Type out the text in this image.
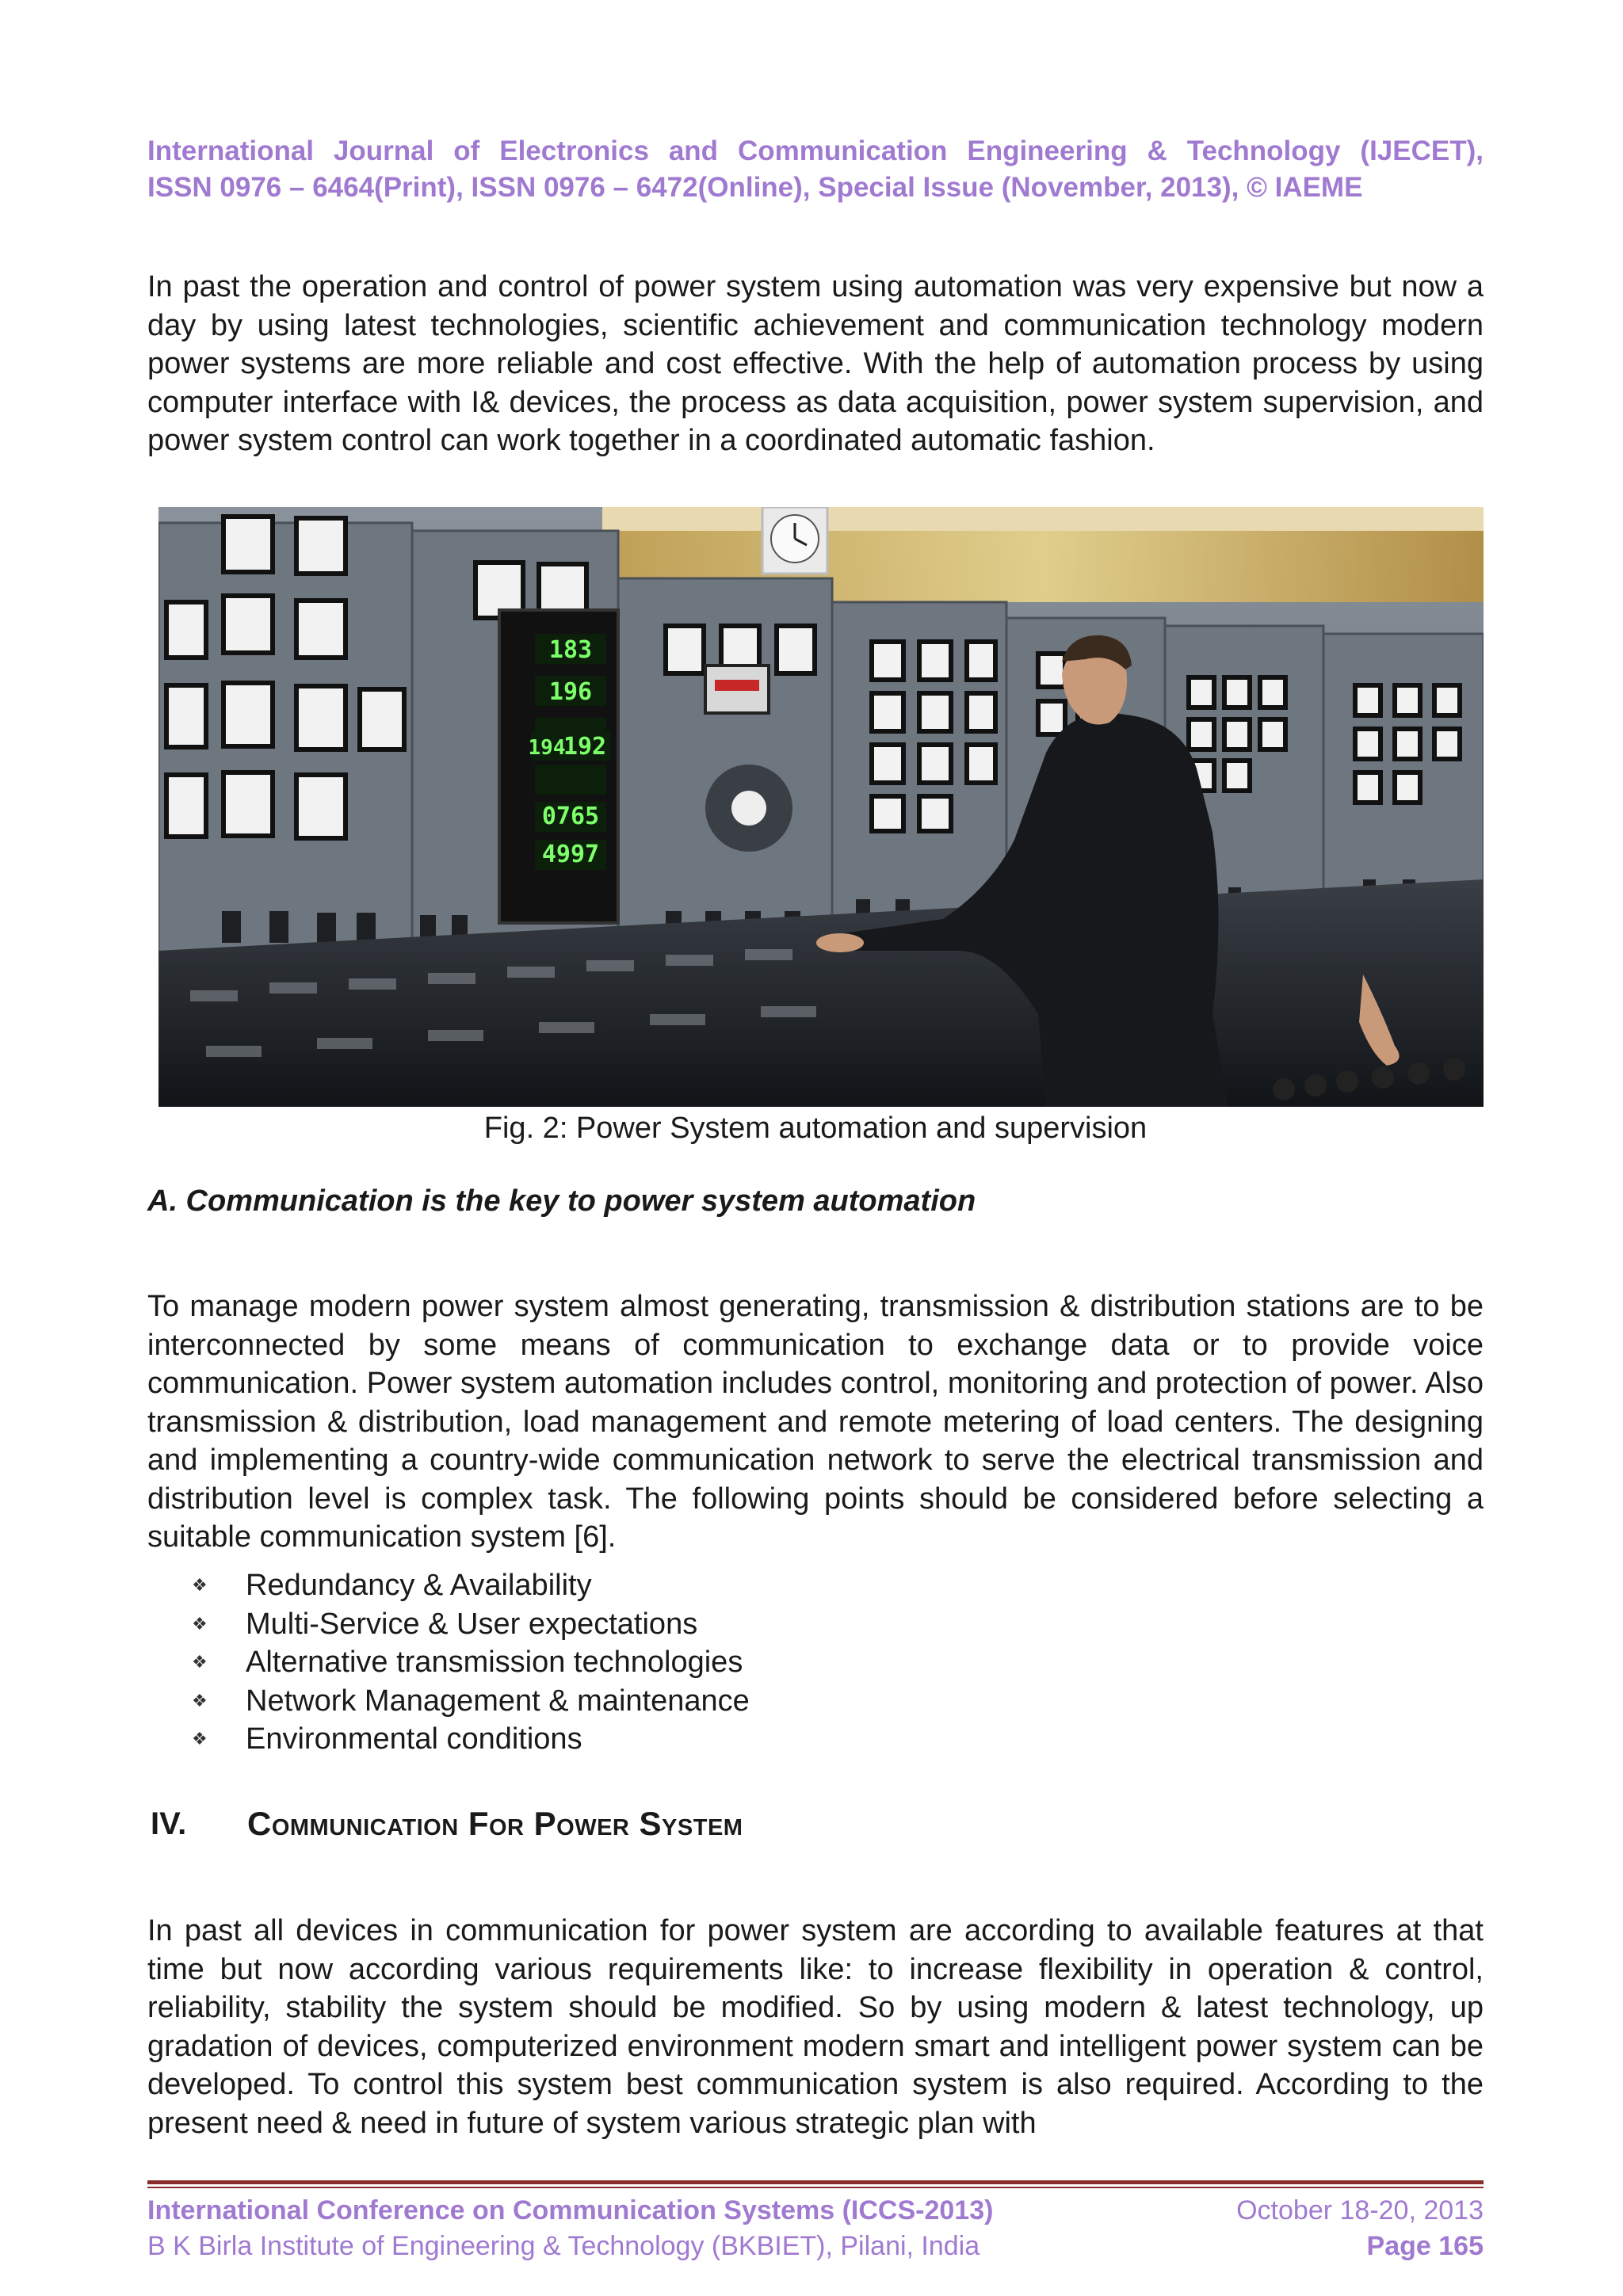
International Journal of Electronics and Communication Engineering & Technology (IJECET),
ISSN 0976 – 6464(Print), ISSN 0976 – 6472(Online), Special Issue (November, 2013), © IAEME

In past the operation and control of power system using automation was very expensive but now a day by using latest technologies, scientific achievement and communication technology modern power systems are more reliable and cost effective. With the help of automation process by using computer interface with I& devices, the process as data acquisition, power system supervision, and power system control can work together in a coordinated automatic fashion.

183
196
192
194
0765
4997
Fig. 2: Power System automation and supervision
A. Communication is the key to power system automation

To manage modern power system almost generating, transmission & distribution stations are to be interconnected by some means of communication to exchange data or to provide voice communication. Power system automation includes control, monitoring and protection of power. Also transmission & distribution, load management and remote metering of load centers. The designing and implementing a country-wide communication network to serve the electrical transmission and distribution level is complex task. The following points should be considered before selecting a suitable communication system [6].

❖	Redundancy & Availability
❖	Multi-Service & User expectations
❖	Alternative transmission technologies
❖	Network Management & maintenance
❖	Environmental conditions
IV.	Communication For Power System

In past all devices in communication for power system are according to available features at that time but now according various requirements like: to increase flexibility in operation & control, reliability, stability the system should be modified. So by using modern & latest technology, up gradation of devices, computerized environment modern smart and intelligent power system can be developed. To control this system best communication system is also required. According to the present need & need in future of system various strategic plan with

International Conference on Communication Systems (ICCS-2013)	October 18-20, 2013
B K Birla Institute of Engineering & Technology (BKBIET), Pilani, India	Page 165
